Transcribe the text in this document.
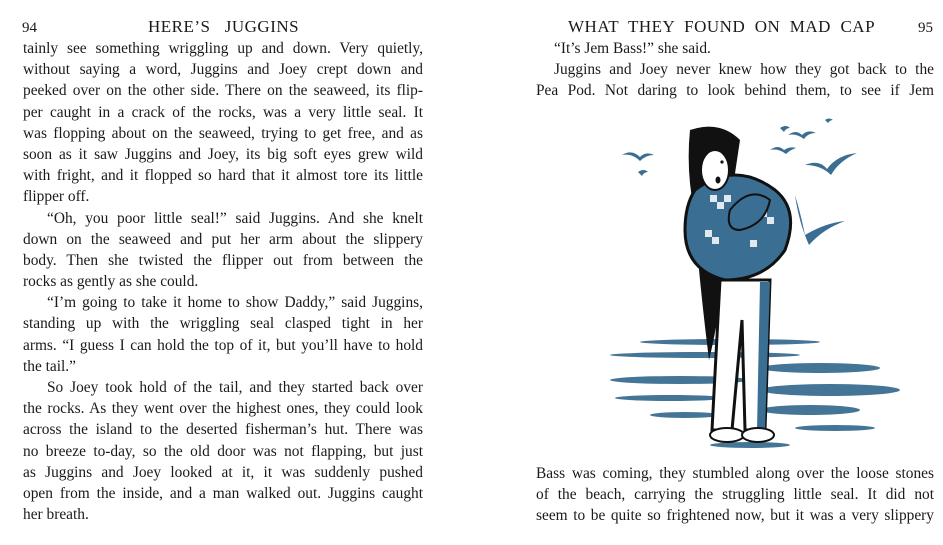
94	HERE’S   JUGGINS
tainly see something wriggling up and down. Very quietly,
without saying a word, Juggins and Joey crept down and
peeked over on the other side. There on the seaweed, its flip-
per caught in a crack of the rocks, was a very little seal. It
was flopping about on the seaweed, trying to get free, and as
soon as it saw Juggins and Joey, its big soft eyes grew wild
with fright, and it flopped so hard that it almost tore its little
flipper off.
“Oh, you poor little seal!” said Juggins. And she knelt
down on the seaweed and put her arm about the slippery
body. Then she twisted the flipper out from between the
rocks as gently as she could.
“I’m going to take it home to show Daddy,” said Juggins,
standing up with the wriggling seal clasped tight in her
arms. “I guess I can hold the top of it, but you’ll have to hold
the tail.”
So Joey took hold of the tail, and they started back over
the rocks. As they went over the highest ones, they could look
across the island to the deserted fisherman’s hut. There was
no breeze to-day, so the old door was not flapping, but just
as Juggins and Joey looked at it, it was suddenly pushed
open from the inside, and a man walked out. Juggins caught
her breath.
WHAT  THEY  FOUND  ON  MAD  CAP	95
“It’s Jem Bass!” she said.
Juggins and Joey never knew how they got back to the
Pea Pod. Not daring to look behind them, to see if Jem
Bass was coming, they stumbled along over the loose stones
of the beach, carrying the struggling little seal. It did not
seem to be quite so frightened now, but it was a very slippery
